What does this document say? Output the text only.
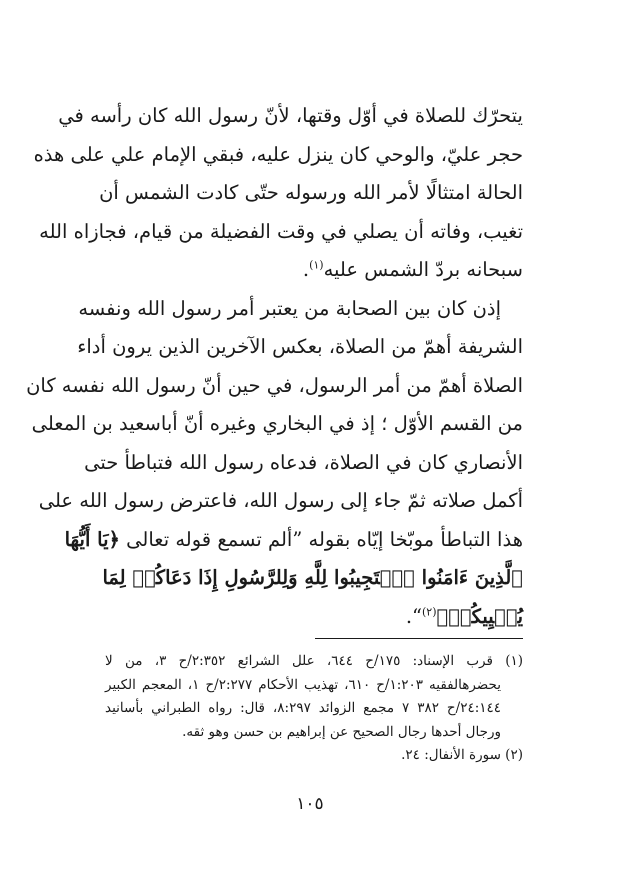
يتحرّك للصلاة في أوّل وقتها، لأنّ رسول الله كان رأسه في
حجر عليّ، والوحي كان ينزل عليه، فبقي الإمام علي على هذه
الحالة امتثالًا لأمر الله ورسوله حتّى كادت الشمس أن
تغيب، وفاته أن يصلي في وقت الفضيلة من قيام، فجازاه الله
سبحانه بردّ الشمس عليه$^{(١)}$.
إذن كان بين الصحابة من يعتبر أمر رسول الله ونفسه
الشريفة أهمّ من الصلاة، بعكس الآخرين الذين يرون أداء
الصلاة أهمّ من أمر الرسول، في حين أنّ رسول الله نفسه كان
من القسم الأوّل ؛ إذ في البخاري وغيره أنّ أباسعيد بن المعلى
الأنصاري كان في الصلاة، فدعاه رسول الله فتباطأ حتى
أكمل صلاته ثمّ جاء إلى رسول الله، فاعترض رسول الله على
هذا التباطأ موبّخا إيّاه بقوله ”ألم تسمع قوله تعالى ﴿يَا أَيُّهَا
ٱلَّذِينَ ءَامَنُوا ٱسۡتَجِيبُوا لِلَّهِ وَلِلرَّسُولِ إِذَا دَعَاكُمۡ لِمَا
يُحۡيِيكُمۡ﴾$^{(٢)}$“.
(١) قرب الإسناد: ١٧٥/ح ٦٤٤، علل الشرائع ٢:٣٥٢/ح ٣، من لا
يحضرهالفقيه ١:٢٠٣/ح ٦١٠، تهذيب الأحكام ٢:٢٧٧/ح ١، المعجم الكبير
٢٤:١٤٤/ح ٣٨٢ ٧ مجمع الزوائد ٨:٢٩٧، قال: رواه الطبراني بأسانيد
ورجال أحدها رجال الصحيح عن إبراهيم بن حسن وهو ثقه.
(٢) سورة الأنفال: ٢٤.
١٠٥
